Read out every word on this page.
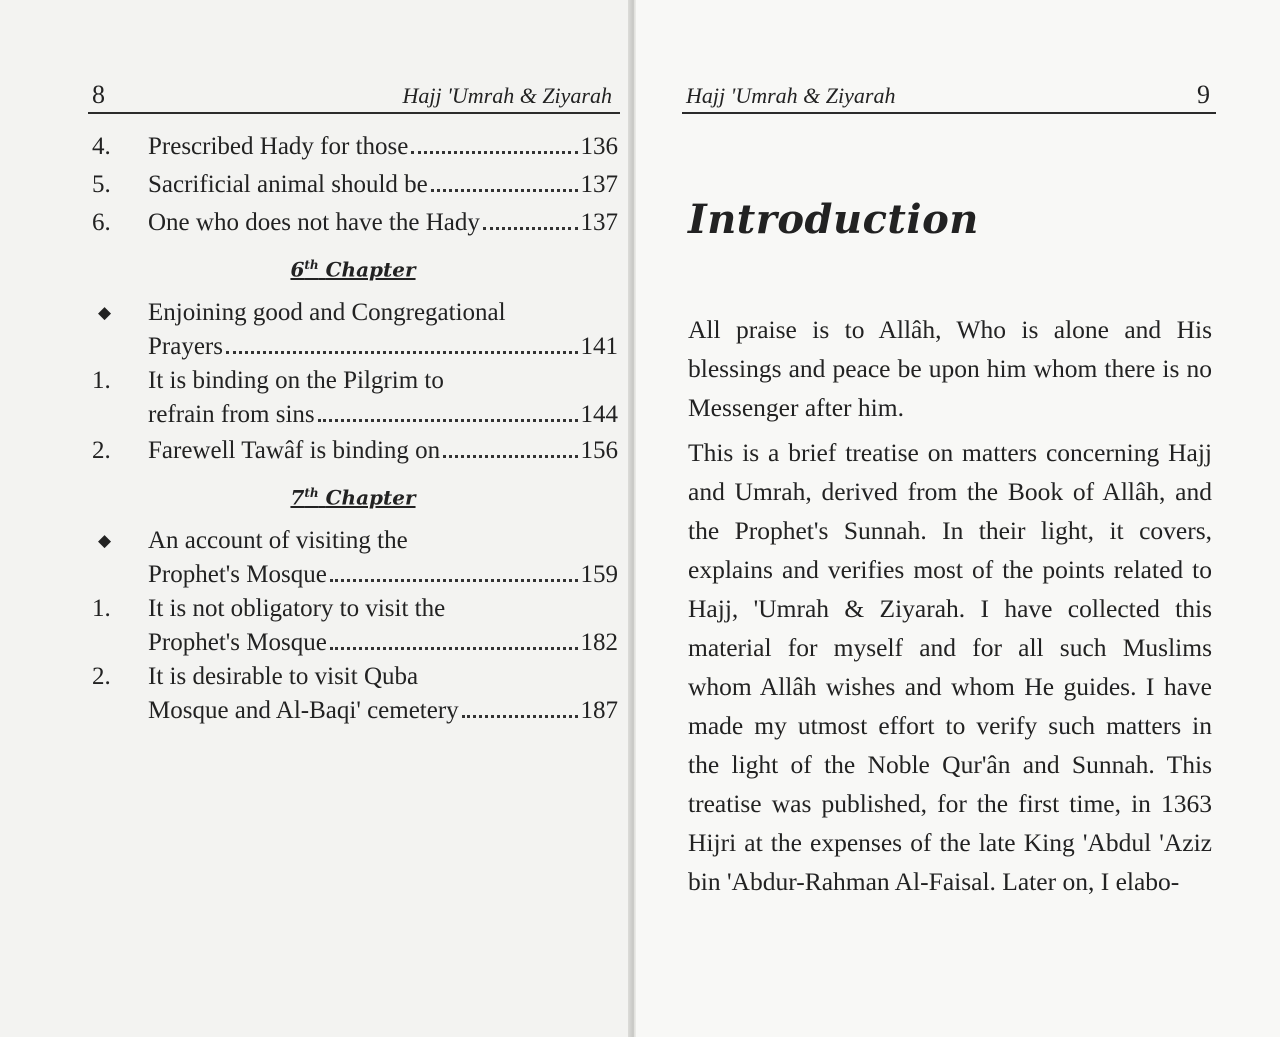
8	Hajj 'Umrah & Ziyarah
4.	Prescribed Hady for those	136
5.	Sacrificial animal should be	137
6.	One who does not have the Hady	137
6th Chapter
◆	Enjoining good and Congregational
Prayers	141
1.	It is binding on the Pilgrim to
refrain from sins	144
2.	Farewell Tawâf is binding on	156
7th Chapter
◆	An account of visiting the
Prophet's Mosque	159
1.	It is not obligatory to visit the
Prophet's Mosque	182
2.	It is desirable to visit Quba
Mosque and Al-Baqi' cemetery	187
Hajj 'Umrah & Ziyarah	9
Introduction

All praise is to Allâh, Who is alone and His blessings and peace be upon him whom there is no Messenger after him.

This is a brief treatise on matters concerning Hajj and Umrah, derived from the Book of Allâh, and the Prophet's Sunnah. In their light, it covers, explains and verifies most of the points related to Hajj, 'Umrah & Ziyarah. I have collected this material for myself and for all such Muslims whom Allâh wishes and whom He guides. I have made my utmost effort to verify such matters in the light of the Noble Qur'ân and Sunnah. This treatise was published, for the first time, in 1363 Hijri at the expenses of the late King 'Abdul 'Aziz bin 'Abdur-Rahman Al-Faisal. Later on, I elabo-
